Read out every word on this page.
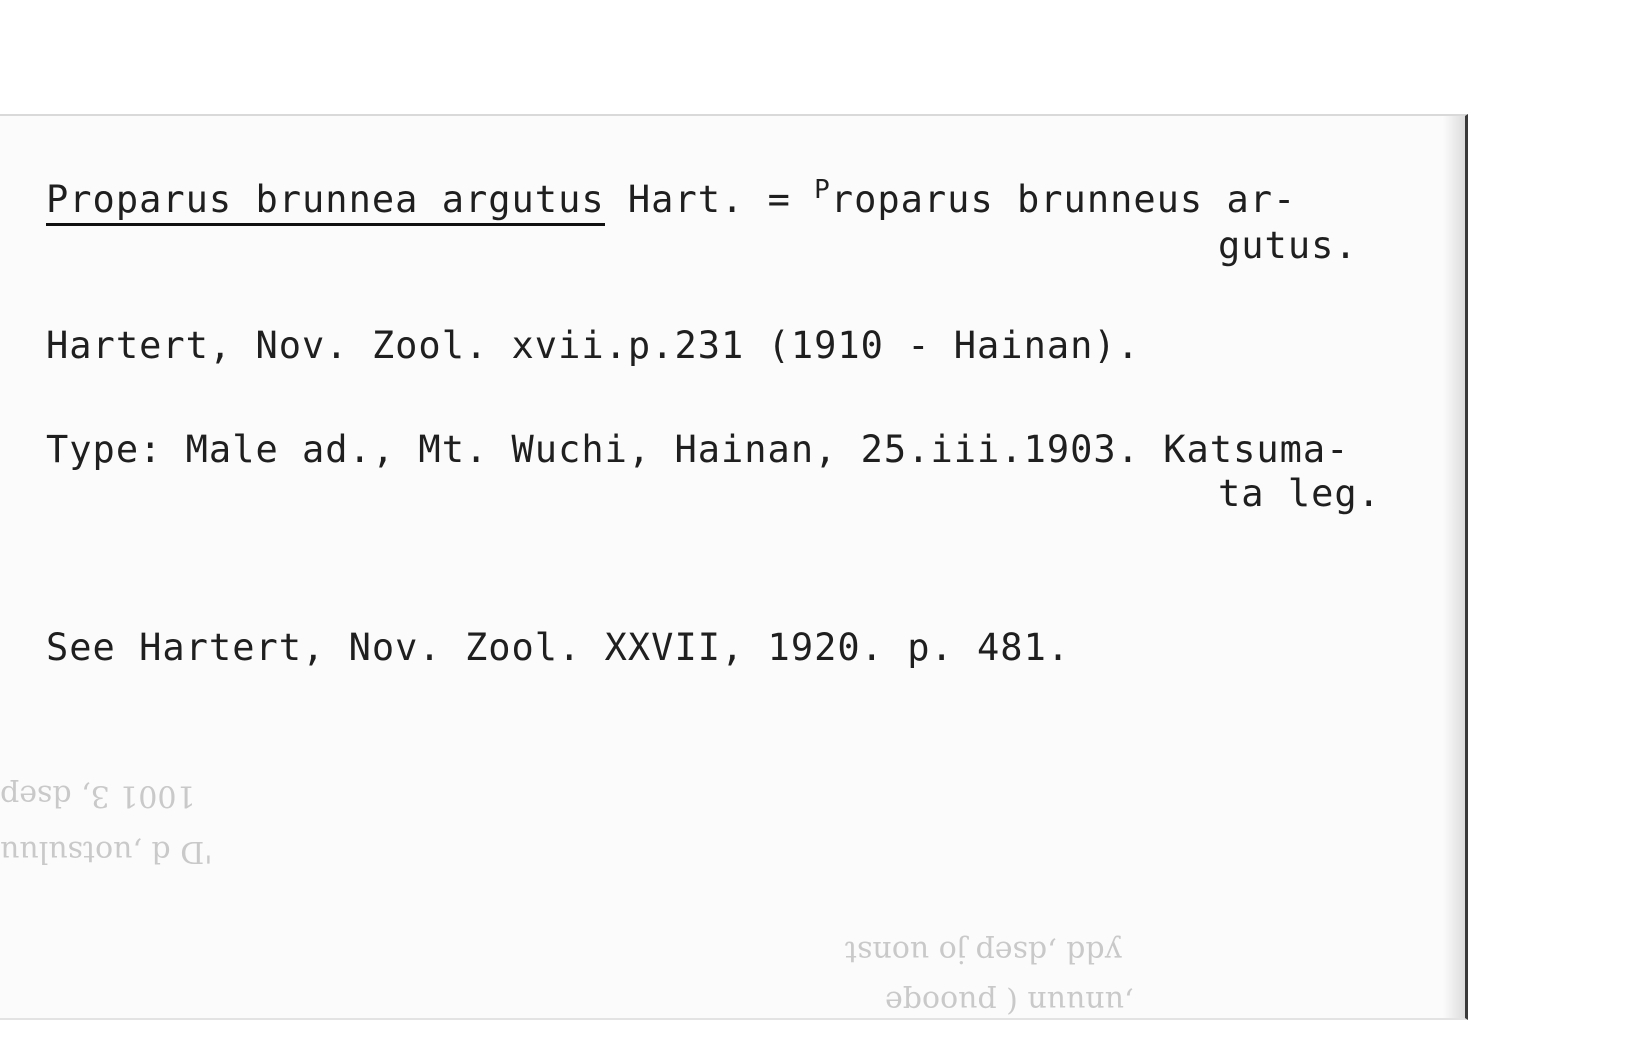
Proparus brunnea argutus Hart. = $^P$roparus brunneus ar-
gutus.
Hartert, Nov. Zool. xvii.p.231 (1910 - Hainan).
Type: Male ad., Mt. Wuchi, Hainan, 25.iii.1903. Katsuma-
ta leg.
See Hartert, Nov. Zool. XXVII, 1920. p. 481.
1001 3, dsep
'D d ,uotsuluu
ydd ,dsep jo uonst
,unuun ( puooqe
